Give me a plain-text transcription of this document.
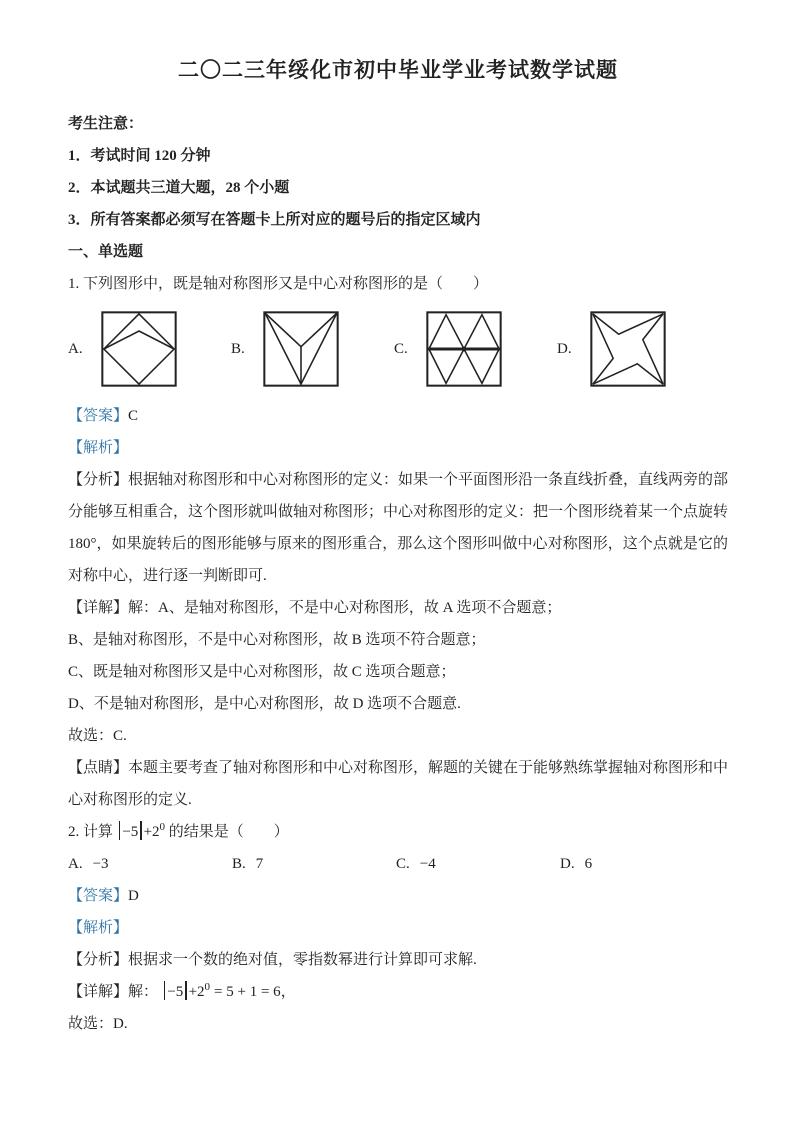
二〇二三年绥化市初中毕业学业考试数学试题

考生注意：

1．考试时间 120 分钟

2．本试题共三道大题，28 个小题

3．所有答案都必须写在答题卡上所对应的题号后的指定区域内

一、单选题

1. 下列图形中，既是轴对称图形又是中心对称图形的是（　　）

A.	B.	C.	D.

【答案】C

【解析】

【分析】根据轴对称图形和中心对称图形的定义：如果一个平面图形沿一条直线折叠，直线两旁的部分能够互相重合，这个图形就叫做轴对称图形；中心对称图形的定义：把一个图形绕着某一个点旋转 180°，如果旋转后的图形能够与原来的图形重合，那么这个图形叫做中心对称图形，这个点就是它的对称中心，进行逐一判断即可.

【详解】解：A、是轴对称图形，不是中心对称图形，故 A 选项不合题意；

B、是轴对称图形，不是中心对称图形，故 B 选项不符合题意；

C、既是轴对称图形又是中心对称图形，故 C 选项合题意；

D、不是轴对称图形，是中心对称图形，故 D 选项不合题意.

故选：C.

【点睛】本题主要考查了轴对称图形和中心对称图形，解题的关键在于能够熟练掌握轴对称图形和中心对称图形的定义.

2. 计算 $-5 +2^0$ 的结果是（　　）

A. −3	B. 7	C. −4	D. 6

【答案】D

【解析】

【分析】根据求一个数的绝对值，零指数幂进行计算即可求解.

【详解】解： $-5 +2^0 = 5 + 1 = 6$，

故选：D.
